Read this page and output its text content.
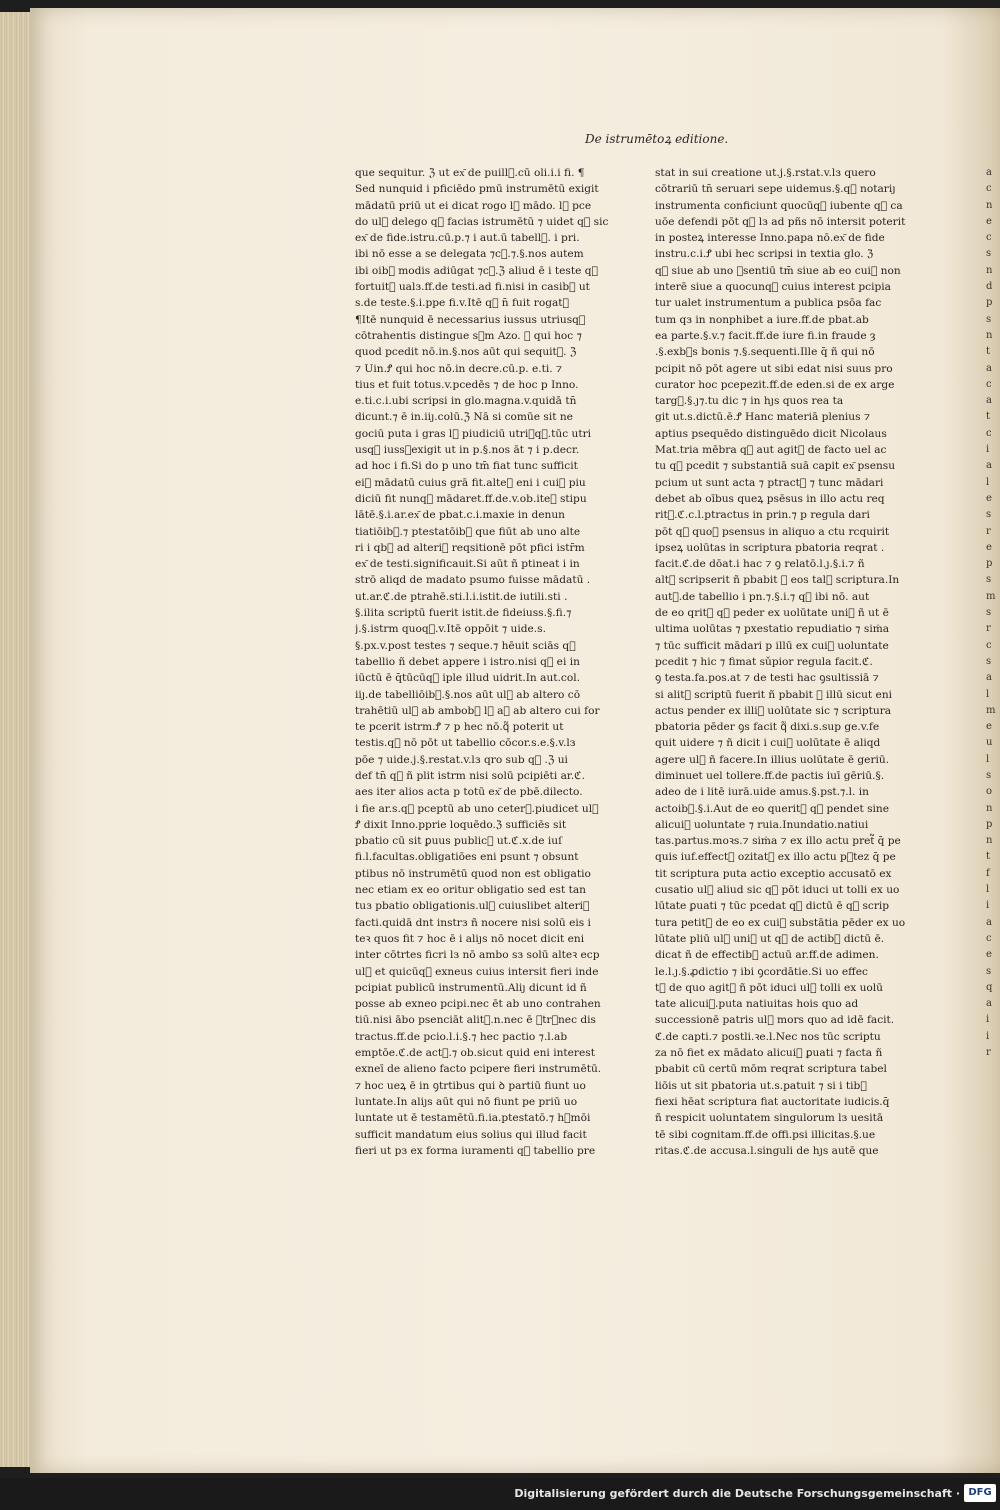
De istrumētoꝝ editione.
que sequitur. ℨ ut ex͂ de puill᷑.cū oli.i.i fi. ¶
Sed nunquid i pficiēdo pmū instrumētū exigit
mādatū priū ut ei dicat rogo l᷑ mādo. l᷑ pce
do ul᷑ delego q᷑ facias istrumētū ⁊ uidet q᷑ sic
ex͂ de fide.istru.cū.p.⁊ i aut.ū tabell᷑. i pri.
ibi nō esse a se delegata ⁊c᷑.⁊.§.nos autem
ibi oib᷒ modis adiūgat ⁊c᷑.ℨ aliud ē i teste q᷑
fortuit᷒ ualз.ff.de testi.ad fi.nisi in casib᷒ ut
s.de teste.§.i.ppe fi.v.Itē q᷑ n̄ fuit rogat᷒
¶Itē nunquid ē necessarius iussus utriusq᷑
cōtrahentis distingue s᷒m Azo. Ꝭ qui hoc ⁊
quod pcedit nō.in.§.nos aūt qui sequit᷑. ℨ
⁊ Uin.Ꝭ qui hoc nō.in decre.cū.p. e.ti. ⁊
tius et fuit totus.v.pcedēs ⁊ de hoc p Inno.
e.ti.c.i.ubi scripsi in glo.magna.v.quidā tn̄
dicunt.⁊ ē in.iiȷ.colū.ℨ Nā si comūe sit ne
gociū puta i gras l᷑ piudiciū utri᷒q᷑.tūc utri
usq᷑ iuss᷒exigit ut in p.§.nos āt ⁊ i p.decr.
ad hoc i fi.Si do p uno tm̄ fiat tunc sufficit
ei᷒ mādatū cuius grā fit.alteꝛ eni i cui᷒ piu
diciū fit nunq᷑ mādaret.ff.de.v.ob.iteꝝ stipu
lātē.§.i.ar.ex͂ de pbat.c.i.maxie in denun
tiatiōib᷒.⁊ ptestatōib᷒ que fiūt ab uno alte
ri i qb᷒ ad alteri᷒ reqsitionē pōt pfici istr̄m
ex͂ de testi.significauit.Si aūt ñ ptineat i in
strō aliqd de madato psumo fuisse mādatū .
ut.ar.ℭ.de ptrahē.sti.l.i.istit.de iutili.sti .
§.ilita scriptū fuerit istit.de fideiuss.§.fi.⁊
j.§.istrm quoq᷑.v.Itē oppōit ⁊ uide.s.
§.px.v.post testes ⁊ seque.⁊ hēuit sciās q᷑
tabellio ñ debet appere i istro.nisi q᷑ ei in
iūctū ē q̄tūcūq᷑ iple illud uidrit.In aut.col.
iiȷ.de tabelliōib᷒.§.nos aūt ul᷑ ab altero cō
trahētiū ul᷑ ab ambob᷒ l᷑ a᷒ ab altero cui for
te pcerit istrm.Ꝭ ⁊ p hec nō.q᷑ poterit ut
testis.q᷑ nō pōt ut tabellio cōcor.s.e.§.v.lз
pōe ⁊ uide.j.§.restat.v.lз qro sub q᷑ .ℨ ui
def tn̄ q᷑ ñ plit istrm nisi solū pcipiēti ar.ℭ.
aes iter alios acta p totū ex͂ de pbē.dilecto.
i fie ar.s.q᷑ pceptū ab uno ceter᷑.piudicet ul᷑
Ꝭ dixit Inno.pprie loquēdo.ℨ sufficiēs sit
pbatio cū sit ꝑuus public᷒ ut.ℭ.x.de iuſ
fi.l.facultas.obligatiōes eni psunt ⁊ obsunt
ptibus nō instrumētū quod non est obligatio
nec etiam ex eo oritur obligatio sed est tan
tuз pbatio obligationis.ul᷑ cuiuslibet alteri᷒
facti.quidā dnt instrз ñ nocere nisi solū eis i
teꝛ quos fit ⁊ hoc ē i aliȷs nō nocet dicit eni
inter cōtrtes ficri lз nō ambo sз solū alteꝛ ecp
ul᷑ et quicūq᷑ exneus cuius intersit fieri inde
pcipiat publicū instrumentū.Aliȷ dicunt id ñ
posse ab exneo pcipi.nec ēt ab uno contrahen
tiū.nisi ābo psenciāt alit᷑.n.nec ē ꝯtr᷒nec dis
tractus.ff.de pcio.l.i.§.⁊ hec pactio ⁊.l.ab
emptōe.ℭ.de act᷑.⁊ ob.sicut quid eni interest
exneī de alieno facto pcipere fieri instrumētū.
⁊ hoc ueꝝ ē in ꝯtrtibus qui ꝺ partiū fiunt uo
luntate.In aliȷs aūt qui nō fiunt pe priū uo
luntate ut ē testamētū.fi.ia.ptestatō.⁊ h᷒mōi
sufficit mandatum eius solius qui illud facit
fieri ut pз ex forma iuramenti q᷑ tabellio pre
stat in sui creatione ut.j.§.rstat.v.lз quero
cōtrariū tn̄ seruari sepe uidemus.§.q᷑ notariȷ
instrumenta conficiunt quocūq᷑ iubente q᷑ ca
uōe defendi pōt q᷑ lз ad pñs nō intersit poterit
in posteꝝ interesse Inno.papa nō.ex͂ de fide
instru.c.i.Ꝭ ubi hec scripsi in textia glo. ℨ
q᷑ siue ab uno ꝯsentiū tm̄ siue ab eo cui᷒ non
interē siue a quocunq᷑ cuius interest pcipia
tur ualet instrumentum a publica psōa fac
tum qз in nonphibet a iure.ff.de pbat.ab
ea parte.§.v.⁊ facit.ff.de iure fi.in fraude ȝ
.§.exb᷒s bonis ⁊.§.sequenti.Ille q̄ ñ qui nō
pcipit nō pōt agere ut sibi edat nisi suus pro
curator hoc pcepezit.ff.de eden.si de ex arge
targ᷒.§.ȷ⁊.tu dic ⁊ in hȷs quos rea ta
git ut.s.dictū.ē.Ꝭ Hanc materiā plenius ⁊
aptius psequēdo distinguēdo dicit Nicolaus
Mat.tria mēbra q᷑ aut agit᷑ de facto uel ac
tu q᷑ pcedit ⁊ substantiā suā capit ex͂ psensu
pcium ut sunt acta ⁊ ptract᷒ ⁊ tunc mādari
debet ab oībus queꝝ psēsus in illo actu req
rit᷑.ℭ.c.l.ptractus in prin.⁊ p regula dari
pōt q᷑ quoꝝ psensus in aliquo a ctu rcquirit
ipseꝝ uolūtas in scriptura pbatoria reqrat .
facit.ℭ.de dōat.i hac ⁊ ꝯ relatō.l.ȷ.§.i.⁊ ñ
alt᷑ scripserit ñ pbabit ꝯ eos tal᷑ scriptura.In
aut᷑.de tabellio i pn.⁊.§.i.⁊ q᷑ ibi nō. aut
de eo qrit᷑ q᷑ peder ex uolūtate uni᷒ ñ ut ē
ultima uolūtas ⁊ pxestatio repudiatio ⁊ siṁa
⁊ tūc sufficit mādari p illū ex cui᷒ uoluntate
pcedit ⁊ hic ⁊ fimat sǔpior regula facit.ℭ.
ꝯ testa.fa.pos.at ⁊ de testi hac ꝯsultissiā ⁊
si alit᷑ scriptū fuerit ñ pbabit ꝯ illū sicut eni
actus pender ex illi᷒ uolūtate sic ⁊ scriptura
pbatoria pēder ꝯs facit q᷑ dixi.s.sup ge.v.fe
quit uidere ⁊ ñ dicit i cui᷒ uolūtate ē aliqd
agere ul᷑ ñ facere.In illius uolūtate ē geriū.
diminuet uel tollere.ff.de pactis iuī gēriū.§.
adeo de i litē iurā.uide amus.§.pst.⁊.l. in
actoib᷒.§.i.Aut de eo querit᷑ q᷑ pendet sine
alicui᷒ uoluntate ⁊ ruia.Inundatio.natiui
tas.partus.moꝛs.⁊ siṁa ⁊ ex illo actu pret᷑ q̄ pe
quis iuf.effect᷒ ozitat᷑ ex illo actu pꝛtez q̄ pe
tit scriptura puta actio exceptio accusatō ex
cusatio ul᷑ aliud sic q᷑ pōt iduci ut tolli ex uo
lūtate ꝑuati ⁊ tūc pcedat q᷑ dictū ē q᷑ scrip
tura petit᷑ de eo ex cui᷒ substātia pēder ex uo
lūtate pliū ul᷑ uni᷒ ut q᷑ de actib᷒ dictū ē.
dicat ñ de effectib᷒ actuū ar.ff.de adimen.
le.l.ȷ.§.ꝓdictio ⁊ ibi ꝯcordātie.Si uo effec
t᷒ de quo agit᷑ ñ pōt iduci ul᷑ tolli ex uolū
tate alicui᷒.puta natiuitas hois quo ad
successionē patris ul᷑ mors quo ad idē facit.
ℭ.de capti.⁊ postli.ꝛe.l.Nec nos tūc scriptu
za nō fiet ex mādato alicui᷒ ꝑuati ⁊ facta ñ
pbabit cū certū mōm reqrat scriptura tabel
liōis ut sit pbatoria ut.s.patuit ⁊ si i tib᷒
fiexi hēat scriptura fiat auctoritate iudicis.q̄
ñ respicit uoluntatem singulorum lз uesitā
tē sibi cognitam.ff.de offi.psi illicitas.§.ue
ritas.ℭ.de accusa.l.singuli de hȷs autē que
a
c
n
e
c
s
n
d
p
s
n
t
a
c
a
t
c
i
a
l
e
s
r
e
p
s
m
s
r
c
s
a
l
m
e
u
l
s
o
n
p
n
t
f
l
i
a
c
e
s
q
a
i
i
r
Digitalisierung gefördert durch die Deutsche Forschungsgemeinschaft · DFG
